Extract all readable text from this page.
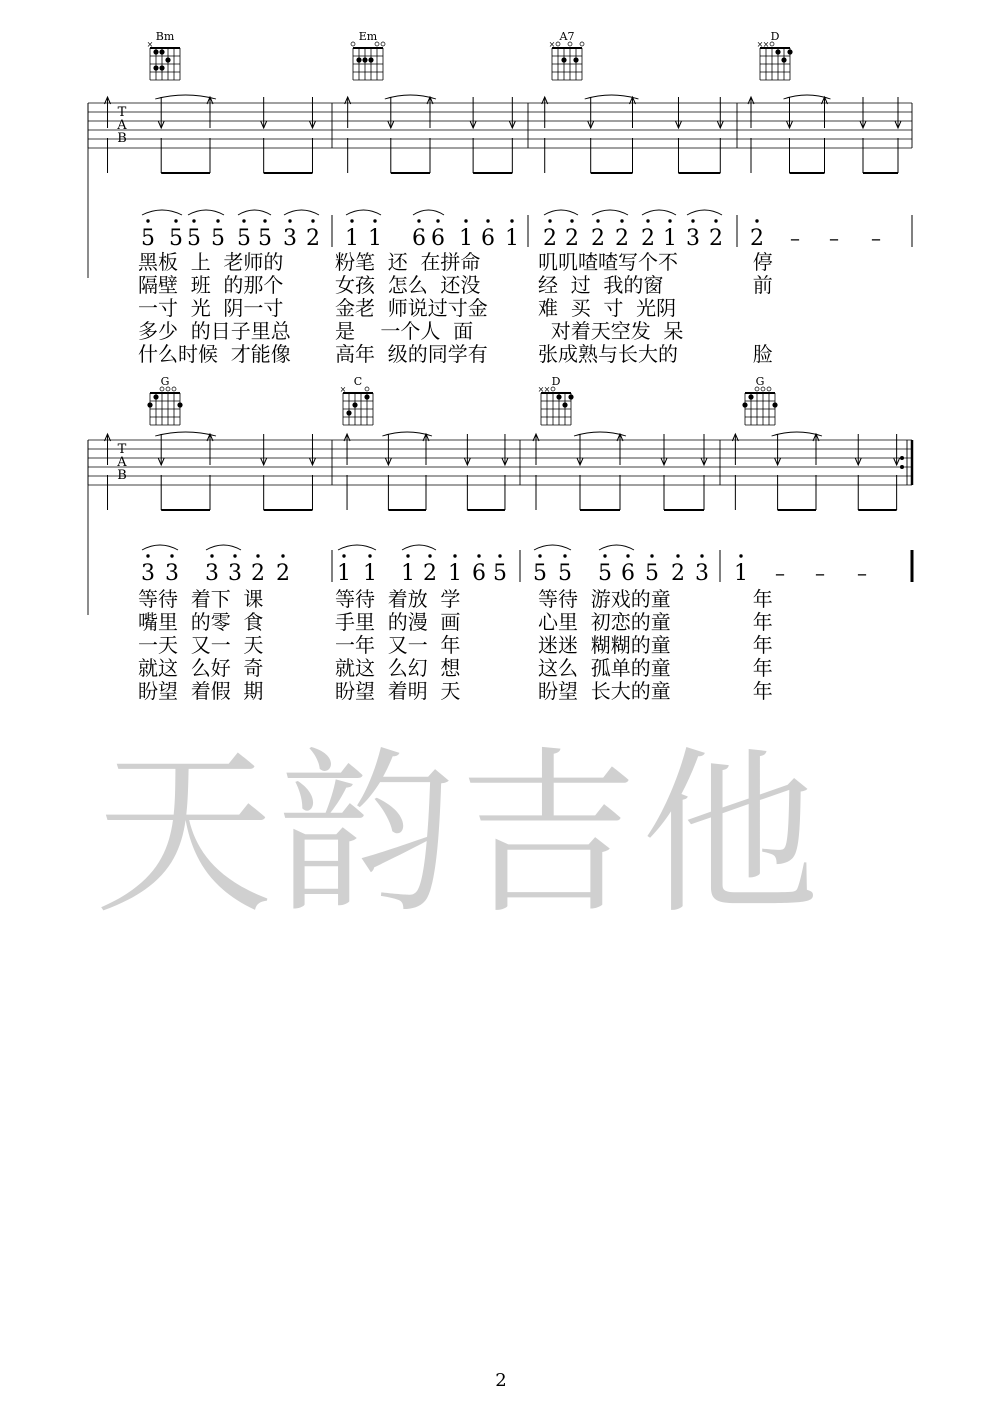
Bm
×
Em	A7
×
D
× ×
T
A
B
5 5 5 5 5 5 3 2 1 1 6 6 1 6 1 2 2 2 2 2 1 3 2 2 – – –
G	C
×
D
× ×
G
T
A
B
3 3 3 3 2 2 1 1 1 2 1 6 5 5 5 5 6 5 2 3 1 – – –
黑板  上  老师的	粉笔  还  在拼命	叽叽喳喳写个不	停
隔壁  班  的那个	女孩  怎么  还没	经  过  我的窗	前
一寸  光  阴一寸	金老  师说过寸金	难  买  寸  光阴
多少  的日子里总 是    一个人  面	对着天空发  呆
什么时候  才能像 高年  级的同学有	张成熟与长大的	脸
等待  着下  课	等待  着放  学	等待  游戏的童	年
嘴里  的零  食	手里  的漫  画	心里  初恋的童	年
一天  又一  天	一年  又一  年	迷迷  糊糊的童	年
就这  么好  奇	就这  么幻  想	这么  孤单的童	年
盼望  着假  期	盼望  着明  天	盼望  长大的童	年
天韵吉他
2
